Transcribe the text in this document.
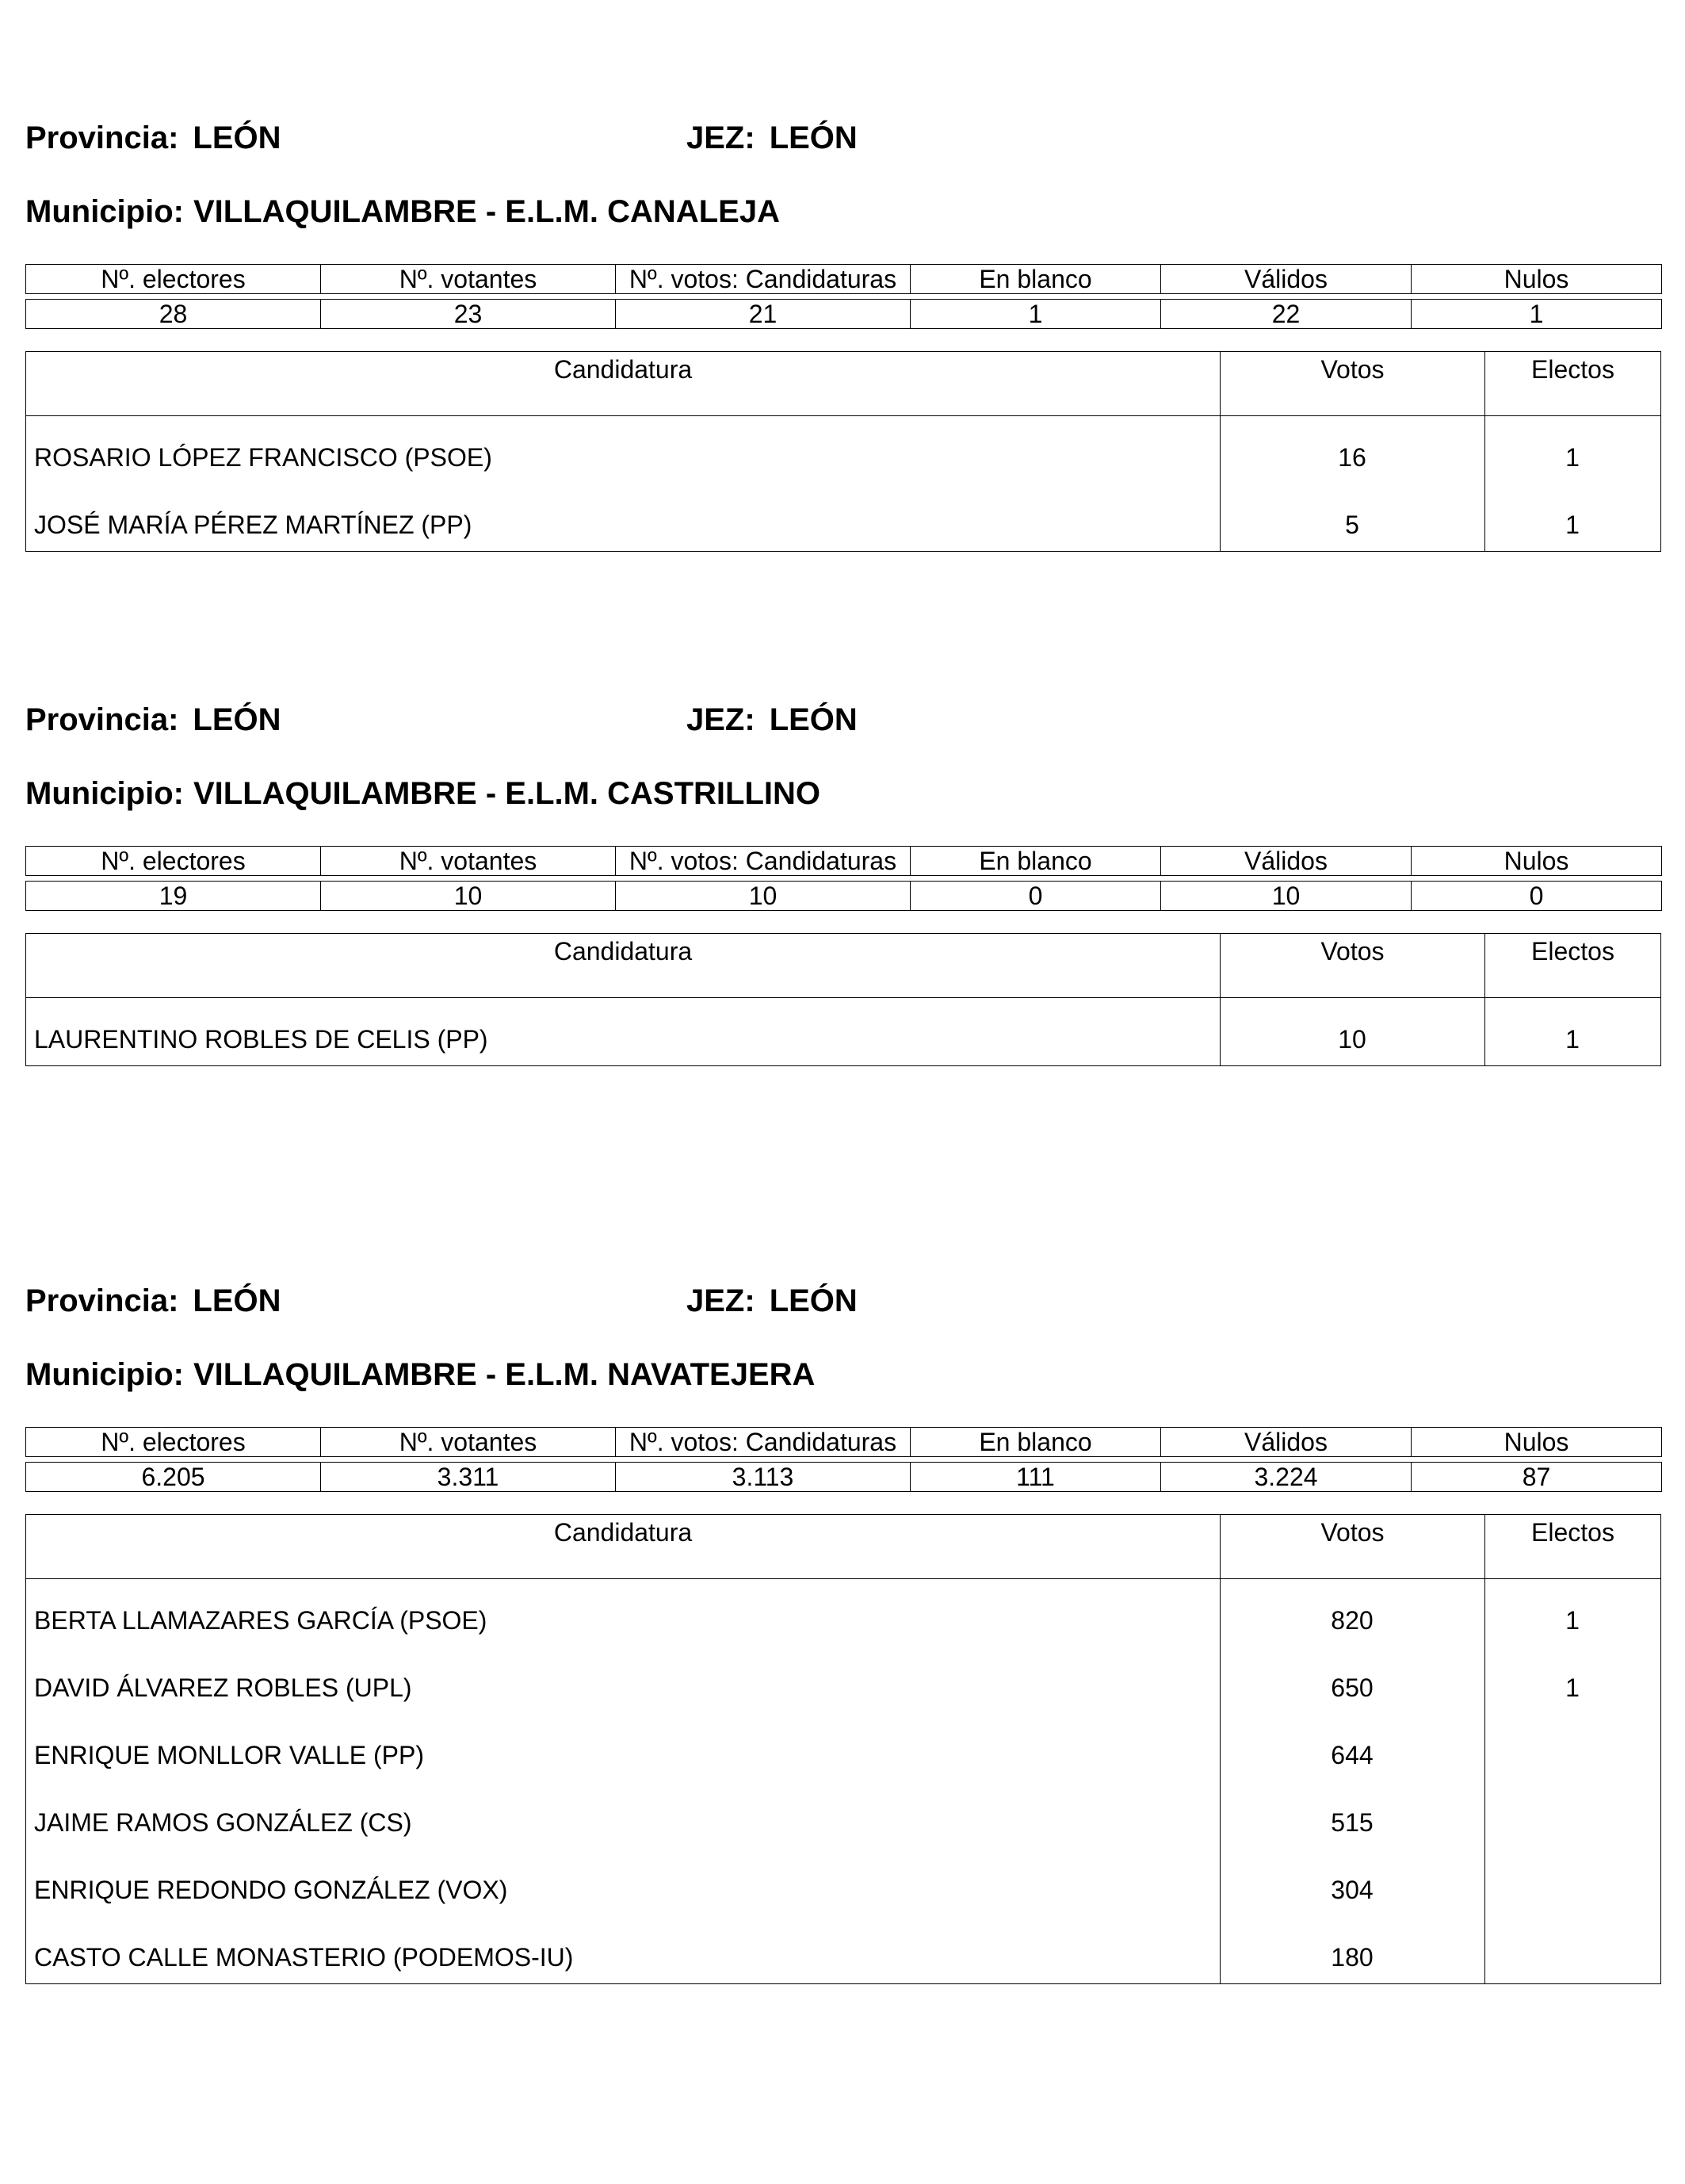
Provincia: LEÓN	JEZ: LEÓN
Municipio: VILLAQUILAMBRE - E.L.M. CANALEJA
Nº. electores	Nº. votantes	Nº. votos: Candidaturas	En blanco	Válidos	Nulos

28	23	21	1	22	1
Candidatura	Votos	Electos
ROSARIO LÓPEZ FRANCISCO (PSOE)	16	1
JOSÉ MARÍA PÉREZ MARTÍNEZ (PP)	5	1
Provincia: LEÓN	JEZ: LEÓN
Municipio: VILLAQUILAMBRE - E.L.M. CASTRILLINO
Nº. electores	Nº. votantes	Nº. votos: Candidaturas	En blanco	Válidos	Nulos

19	10	10	0	10	0
Candidatura	Votos	Electos
LAURENTINO ROBLES DE CELIS (PP)	10	1
Provincia: LEÓN	JEZ: LEÓN
Municipio: VILLAQUILAMBRE - E.L.M. NAVATEJERA
Nº. electores	Nº. votantes	Nº. votos: Candidaturas	En blanco	Válidos	Nulos

6.205	3.311	3.113	111	3.224	87
Candidatura	Votos	Electos
BERTA LLAMAZARES GARCÍA (PSOE)	820	1
DAVID ÁLVAREZ ROBLES (UPL)	650	1
ENRIQUE MONLLOR VALLE (PP)	644
JAIME RAMOS GONZÁLEZ (CS)	515
ENRIQUE REDONDO GONZÁLEZ (VOX)	304
CASTO CALLE MONASTERIO (PODEMOS-IU)	180
